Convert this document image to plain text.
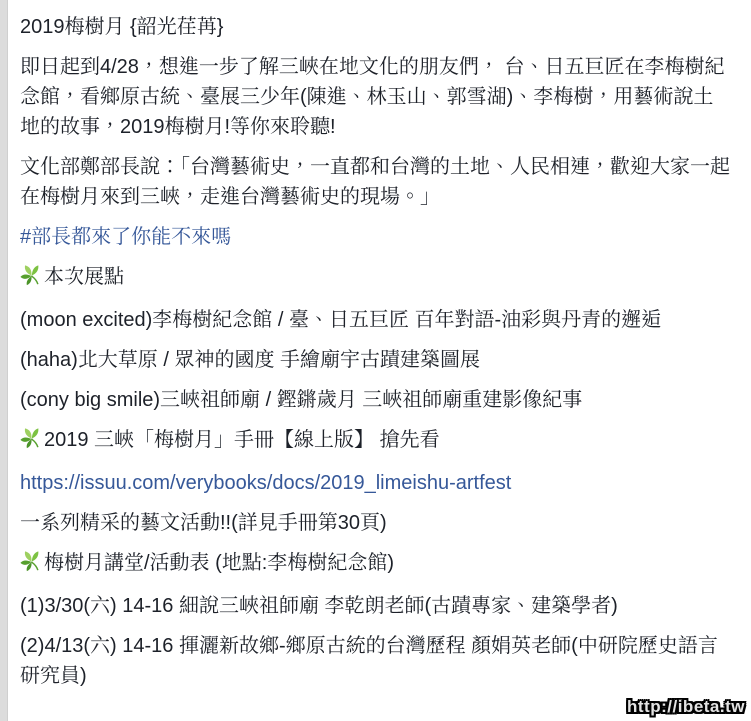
2019梅樹月 {韶光荏苒}

即日起到4/28，想進一步了解三峽在地文化的朋友們， 台、日五巨匠在李梅樹紀念館，看鄉原古統、臺展三少年(陳進、林玉山、郭雪湖)、李梅樹，用藝術說土地的故事，2019梅樹月!等你來聆聽!

文化部鄭部長說：「台灣藝術史，一直都和台灣的土地、人民相連，歡迎大家一起在梅樹月來到三峽，走進台灣藝術史的現場。」

#部長都來了你能不來嗎

本次展點

(moon excited)李梅樹紀念館 / 臺、日五巨匠 百年對語-油彩與丹青的邂逅

(haha)北大草原 / 眾神的國度 手繪廟宇古蹟建築圖展

(cony big smile)三峽祖師廟 / 鏗鏘歲月 三峽祖師廟重建影像紀事

2019 三峽「梅樹月」手冊【線上版】 搶先看

https://issuu.com/verybooks/docs/2019_limeishu-artfest

一系列精采的藝文活動!!(詳見手冊第30頁)

梅樹月講堂/活動表 (地點:李梅樹紀念館)

(1)3/30(六) 14-16 細說三峽祖師廟 李乾朗老師(古蹟專家、建築學者)

(2)4/13(六) 14-16 揮灑新故鄉-鄉原古統的台灣歷程 顏娟英老師(中研院歷史語言研究員)

http://ibeta.tw
